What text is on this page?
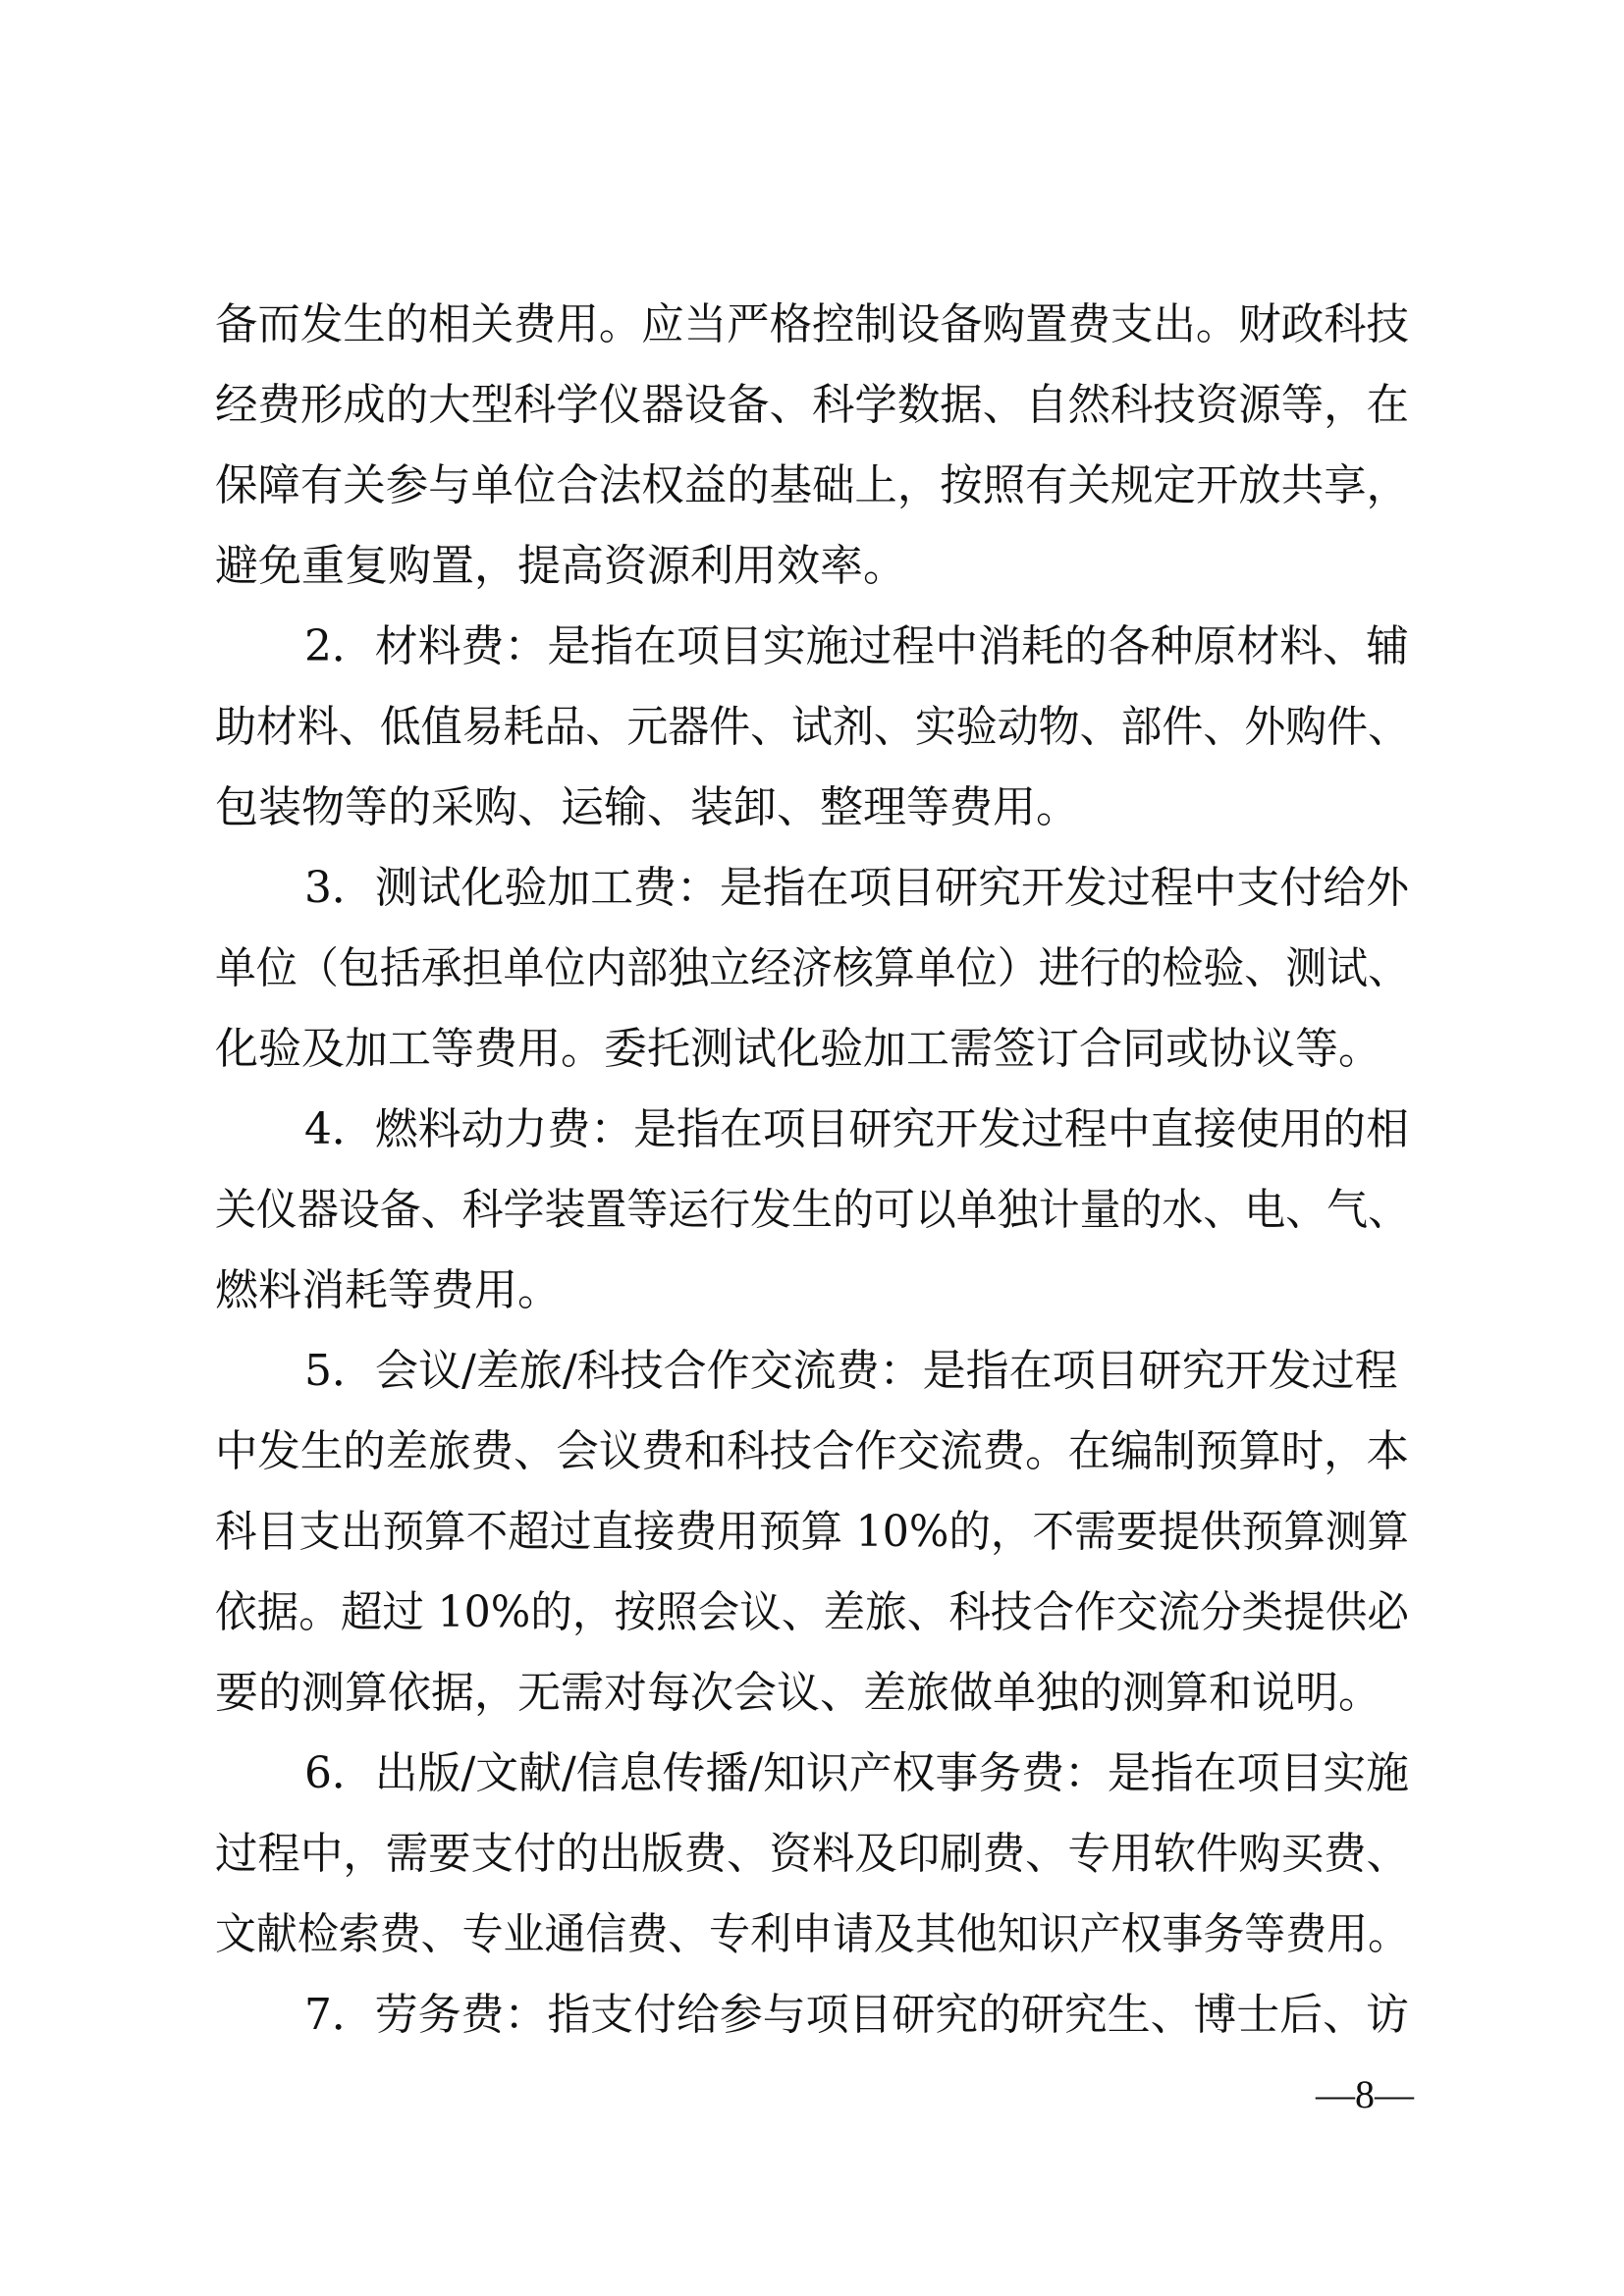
备而发生的相关费用。应当严格控制设备购置费支出。财政科技
经费形成的大型科学仪器设备、科学数据、自然科技资源等，在
保障有关参与单位合法权益的基础上，按照有关规定开放共享，
避免重复购置，提高资源利用效率。
2．材料费：是指在项目实施过程中消耗的各种原材料、辅
助材料、低值易耗品、元器件、试剂、实验动物、部件、外购件、
包装物等的采购、运输、装卸、整理等费用。
3．测试化验加工费：是指在项目研究开发过程中支付给外
单位（包括承担单位内部独立经济核算单位）进行的检验、测试、
化验及加工等费用。委托测试化验加工需签订合同或协议等。
4．燃料动力费：是指在项目研究开发过程中直接使用的相
关仪器设备、科学装置等运行发生的可以单独计量的水、电、气、
燃料消耗等费用。
5．会议/差旅/科技合作交流费：是指在项目研究开发过程
中发生的差旅费、会议费和科技合作交流费。在编制预算时，本
科目支出预算不超过直接费用预算 10%的，不需要提供预算测算
依据。超过 10%的，按照会议、差旅、科技合作交流分类提供必
要的测算依据，无需对每次会议、差旅做单独的测算和说明。
6．出版/文献/信息传播/知识产权事务费：是指在项目实施
过程中，需要支付的出版费、资料及印刷费、专用软件购买费、
文献检索费、专业通信费、专利申请及其他知识产权事务等费用。
7．劳务费：指支付给参与项目研究的研究生、博士后、访
—8—
